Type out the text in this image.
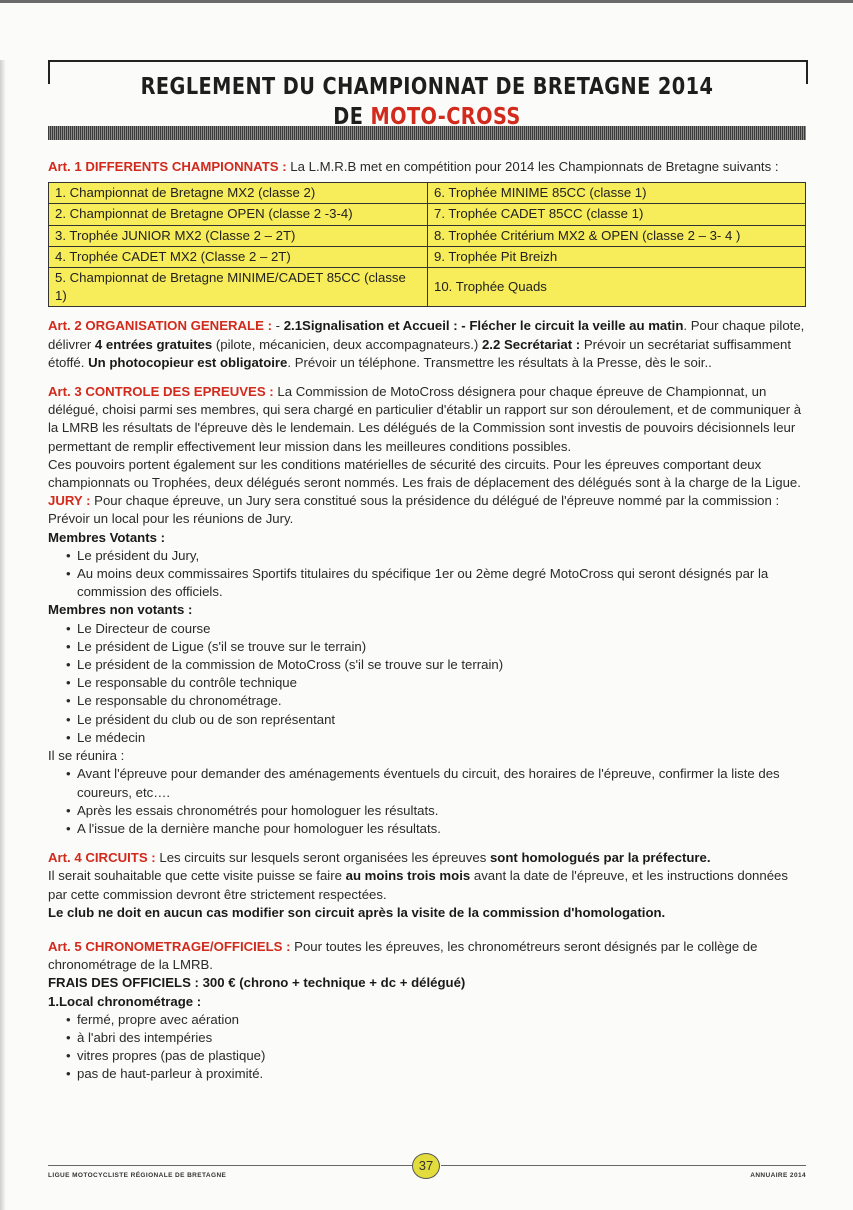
REGLEMENT DU CHAMPIONNAT DE BRETAGNE 2014
DE MOTO-CROSS

Art. 1 DIFFERENTS CHAMPIONNATS : La L.M.R.B met en compétition pour 2014 les Championnats de Bretagne suivants :

1. Championnat de Bretagne MX2 (classe 2)	6. Trophée MINIME 85CC (classe 1)
2. Championnat de Bretagne OPEN (classe 2 -3-4)	7. Trophée CADET 85CC (classe 1)
3. Trophée JUNIOR MX2 (Classe 2 – 2T)	8. Trophée Critérium MX2 & OPEN (classe 2 – 3- 4 )
4. Trophée CADET MX2 (Classe 2 – 2T)	9. Trophée Pit Breizh
5. Championnat de Bretagne MINIME/CADET 85CC (classe 1)	10. Trophée Quads

Art. 2 ORGANISATION GENERALE : - 2.1Signalisation et Accueil : - Flécher le circuit la veille au matin. Pour chaque pilote, délivrer 4 entrées gratuites (pilote, mécanicien, deux accompagnateurs.) 2.2 Secrétariat : Prévoir un secrétariat suffisamment étoffé. Un photocopieur est obligatoire. Prévoir un téléphone. Transmettre les résultats à la Presse, dès le soir..

Art. 3 CONTROLE DES EPREUVES : La Commission de MotoCross désignera pour chaque épreuve de Championnat, un délégué, choisi parmi ses membres, qui sera chargé en particulier d'établir un rapport sur son déroulement, et de communiquer à la LMRB les résultats de l'épreuve dès le lendemain. Les délégués de la Commission sont investis de pouvoirs décisionnels leur permettant de remplir effectivement leur mission dans les meilleures conditions possibles.

Ces pouvoirs portent également sur les conditions matérielles de sécurité des circuits. Pour les épreuves comportant deux championnats ou Trophées, deux délégués seront nommés. Les frais de déplacement des délégués sont à la charge de la Ligue.

JURY : Pour chaque épreuve, un Jury sera constitué sous la présidence du délégué de l'épreuve nommé par la commission : Prévoir un local pour les réunions de Jury.

Membres Votants :

• Le président du Jury,
• Au moins deux commissaires Sportifs titulaires du spécifique 1er ou 2ème degré MotoCross qui seront désignés par la commission des officiels.

Membres non votants :

• Le Directeur de course
• Le président de Ligue (s'il se trouve sur le terrain)
• Le président de la commission de MotoCross (s'il se trouve sur le terrain)
• Le responsable du contrôle technique
• Le responsable du chronométrage.
• Le président du club ou de son représentant
• Le médecin

Il se réunira :

• Avant l'épreuve pour demander des aménagements éventuels du circuit, des horaires de l'épreuve, confirmer la liste des coureurs, etc….
• Après les essais chronométrés pour homologuer les résultats.
• A l'issue de la dernière manche pour homologuer les résultats.

Art. 4 CIRCUITS : Les circuits sur lesquels seront organisées les épreuves sont homologués par la préfecture.

Il serait souhaitable que cette visite puisse se faire au moins trois mois avant la date de l'épreuve, et les instructions données par cette commission devront être strictement respectées.

Le club ne doit en aucun cas modifier son circuit après la visite de la commission d'homologation.

Art. 5 CHRONOMETRAGE/OFFICIELS : Pour toutes les épreuves, les chronométreurs seront désignés par le collège de chronométrage de la LMRB.

FRAIS DES OFFICIELS : 300 € (chrono + technique + dc + délégué)

1.Local chronométrage :

• fermé, propre avec aération
• à l'abri des intempéries
• vitres propres (pas de plastique)
• pas de haut-parleur à proximité.
37
LIGUE MOTOCYCLISTE RÉGIONALE DE BRETAGNE	ANNUAIRE 2014
